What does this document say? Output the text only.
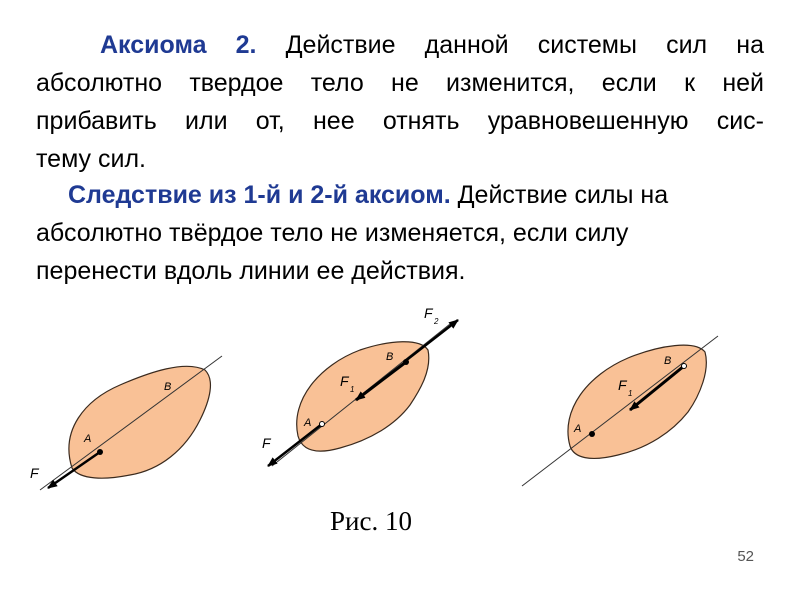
Аксиома 2. Действие данной системы сил на
абсолютно твердое тело не изменится, если к ней
прибавить или от, нее отнять уравновешенную сис-
тему сил.
Следствие из 1-й и 2-й аксиом. Действие силы на
абсолютно твёрдое тело не изменяется, если силу
перенести вдоль линии ее действия.
A
B
F
A
B
F
1
F
2
F
A
B
F
1
Рис. 10
52
